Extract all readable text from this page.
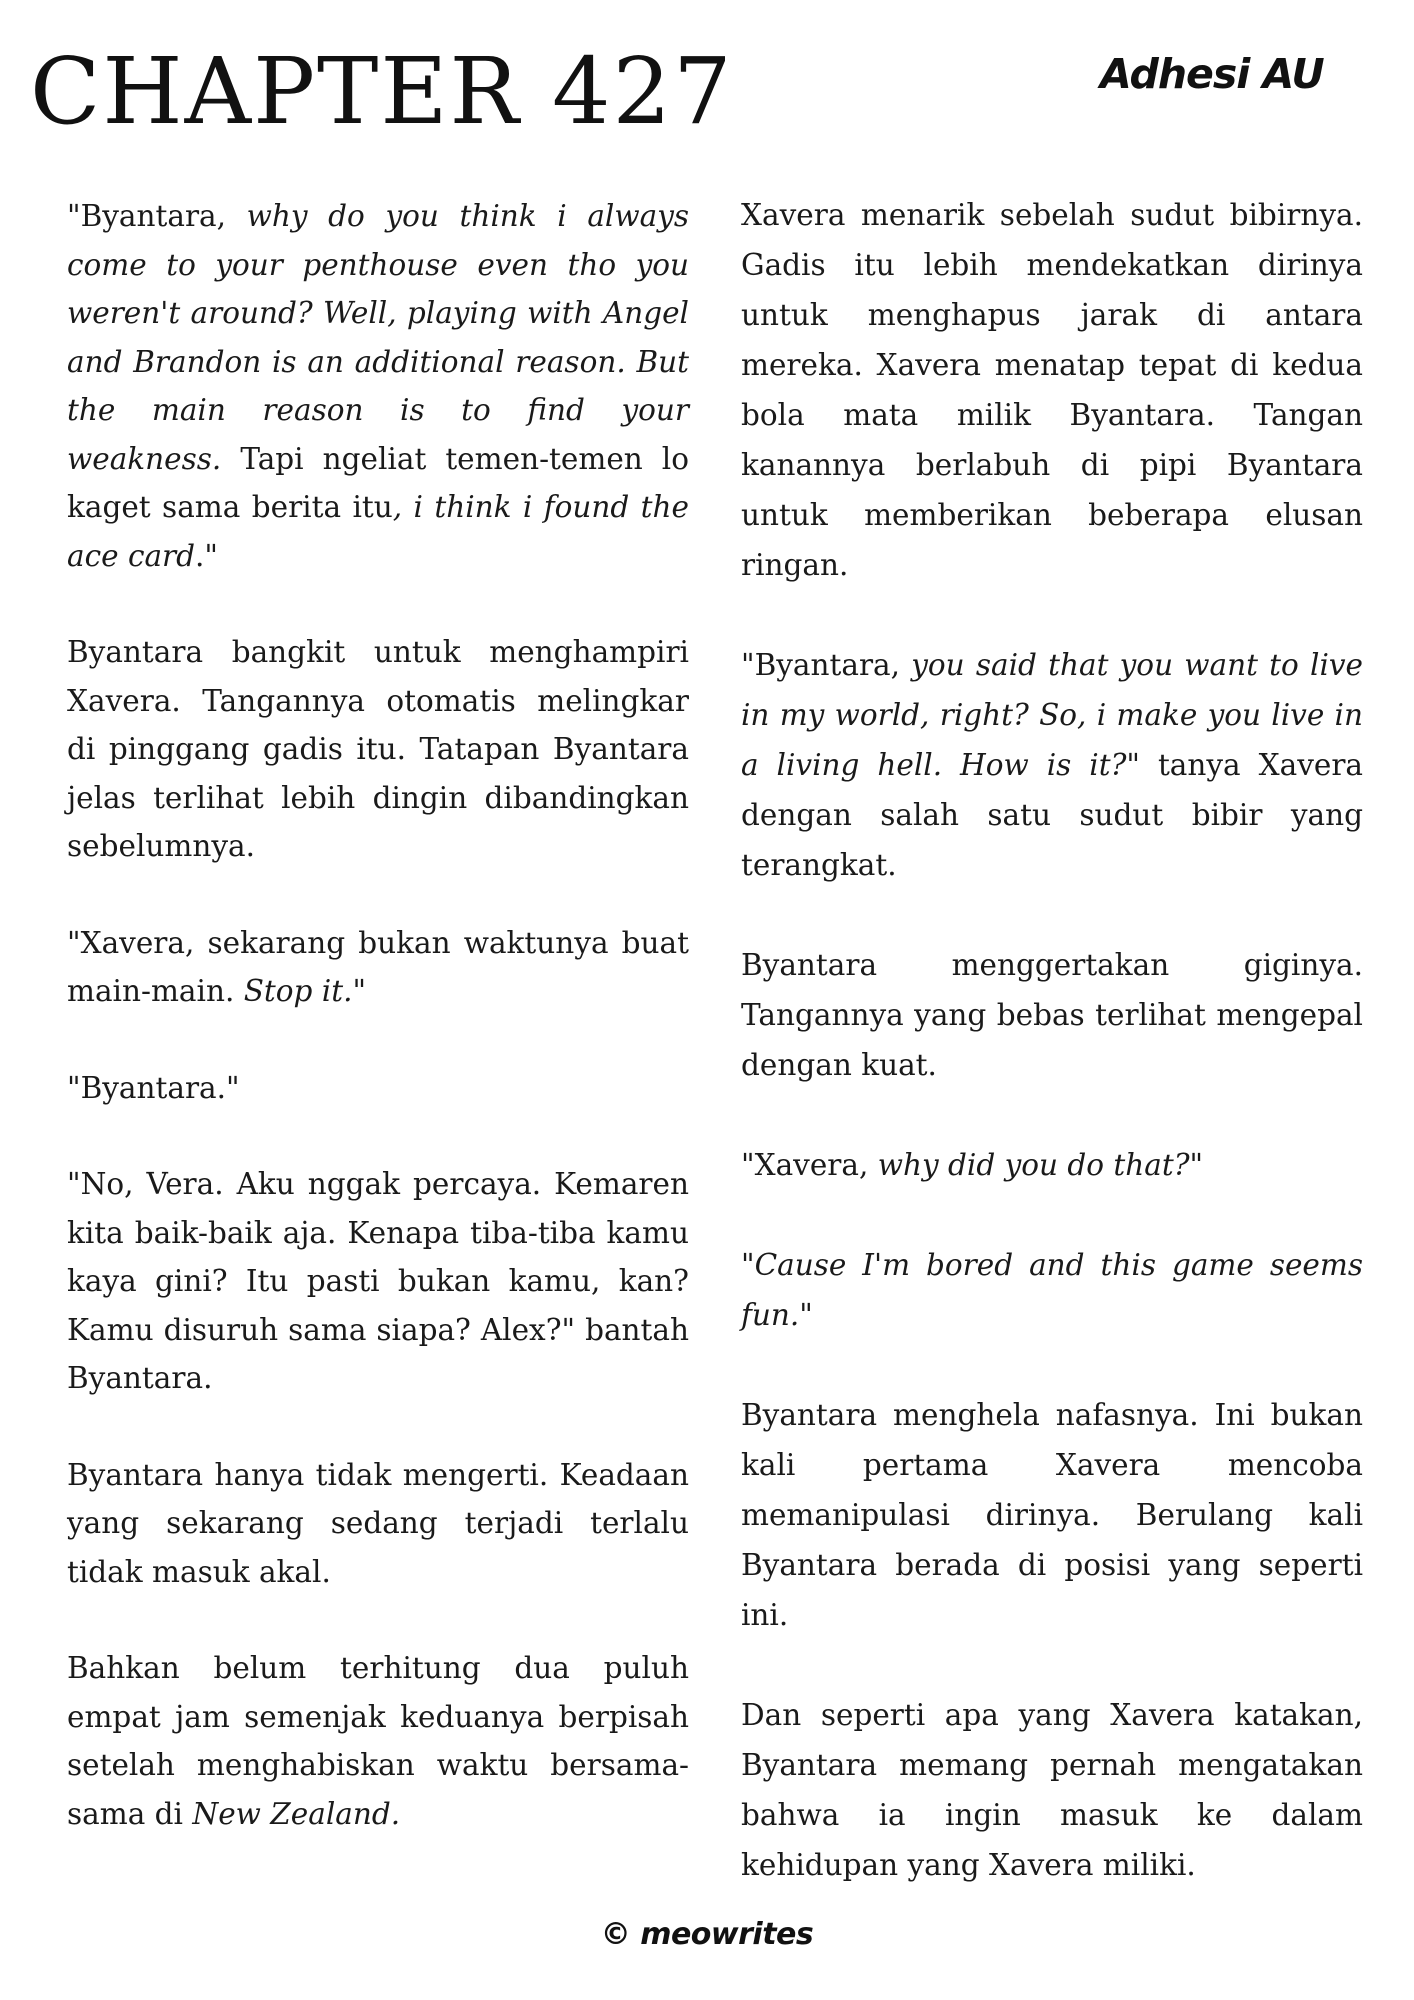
CHAPTER 427	Adhesi AU

"Byantara, why do you think i always come to your penthouse even tho you weren't around? Well, playing with Angel and Brandon is an additional reason. But the main reason is to find your weakness. Tapi ngeliat temen-temen lo kaget sama berita itu, i think i found the ace card."

Byantara bangkit untuk menghampiri Xavera. Tangannya otomatis melingkar di pinggang gadis itu. Tatapan Byantara jelas terlihat lebih dingin dibandingkan sebelumnya.

"Xavera, sekarang bukan waktunya buat main-main. Stop it."

"Byantara."

"No, Vera. Aku nggak percaya. Kemaren kita baik-baik aja. Kenapa tiba-tiba kamu kaya gini? Itu pasti bukan kamu, kan? Kamu disuruh sama siapa? Alex?" bantah Byantara.

Byantara hanya tidak mengerti. Keadaan yang sekarang sedang terjadi terlalu tidak masuk akal.

Bahkan belum terhitung dua puluh empat jam semenjak keduanya berpisah setelah menghabiskan waktu bersama-sama di New Zealand.

Xavera menarik sebelah sudut bibirnya. Gadis itu lebih mendekatkan dirinya untuk menghapus jarak di antara mereka. Xavera menatap tepat di kedua bola mata milik Byantara. Tangan kanannya berlabuh di pipi Byantara untuk memberikan beberapa elusan ringan.

"Byantara, you said that you want to live in my world, right? So, i make you live in a living hell. How is it?" tanya Xavera dengan salah satu sudut bibir yang terangkat.

Byantara menggertakan giginya. Tangannya yang bebas terlihat mengepal dengan kuat.

"Xavera, why did you do that?"

"Cause I'm bored and this game seems fun."

Byantara menghela nafasnya. Ini bukan kali pertama Xavera mencoba memanipulasi dirinya. Berulang kali Byantara berada di posisi yang seperti ini.

Dan seperti apa yang Xavera katakan, Byantara memang pernah mengatakan bahwa ia ingin masuk ke dalam kehidupan yang Xavera miliki.

© meowrites
